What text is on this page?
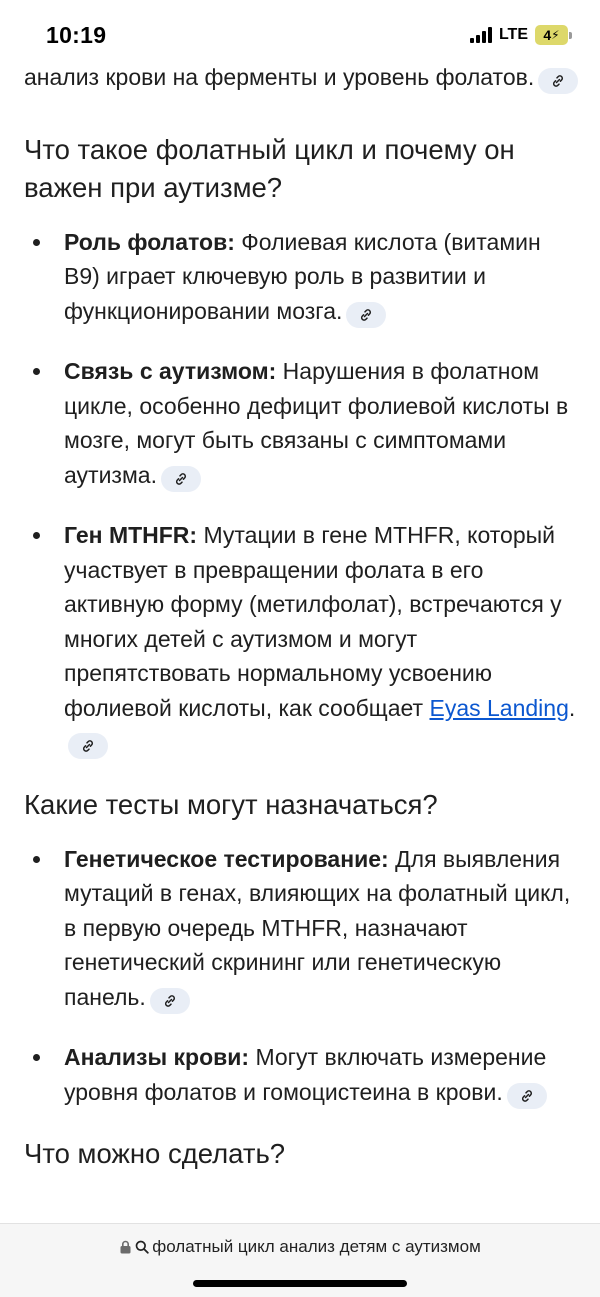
10:19	LTE 4 ⚡

анализ крови на ферменты и уровень фолатов.

Что такое фолатный цикл и почему он важен при аутизме?
Роль фолатов: Фолиевая кислота (витамин B9) играет ключевую роль в развитии и функционировании мозга.
Связь с аутизмом: Нарушения в фолатном цикле, особенно дефицит фолиевой кислоты в мозге, могут быть связаны с симптомами аутизма.
Ген MTHFR: Мутации в гене MTHFR, который участвует в превращении фолата в его активную форму (метилфолат), встречаются у многих детей с аутизмом и могут препятствовать нормальному усвоению фолиевой кислоты, как сообщает Eyas Landing.
Какие тесты могут назначаться?
Генетическое тестирование: Для выявления мутаций в генах, влияющих на фолатный цикл, в первую очередь MTHFR, назначают генетический скрининг или генетическую панель.
Анализы крови: Могут включать измерение уровня фолатов и гомоцистеина в крови.
Что можно сделать?
фолатный цикл анализ детям с аутизмом
